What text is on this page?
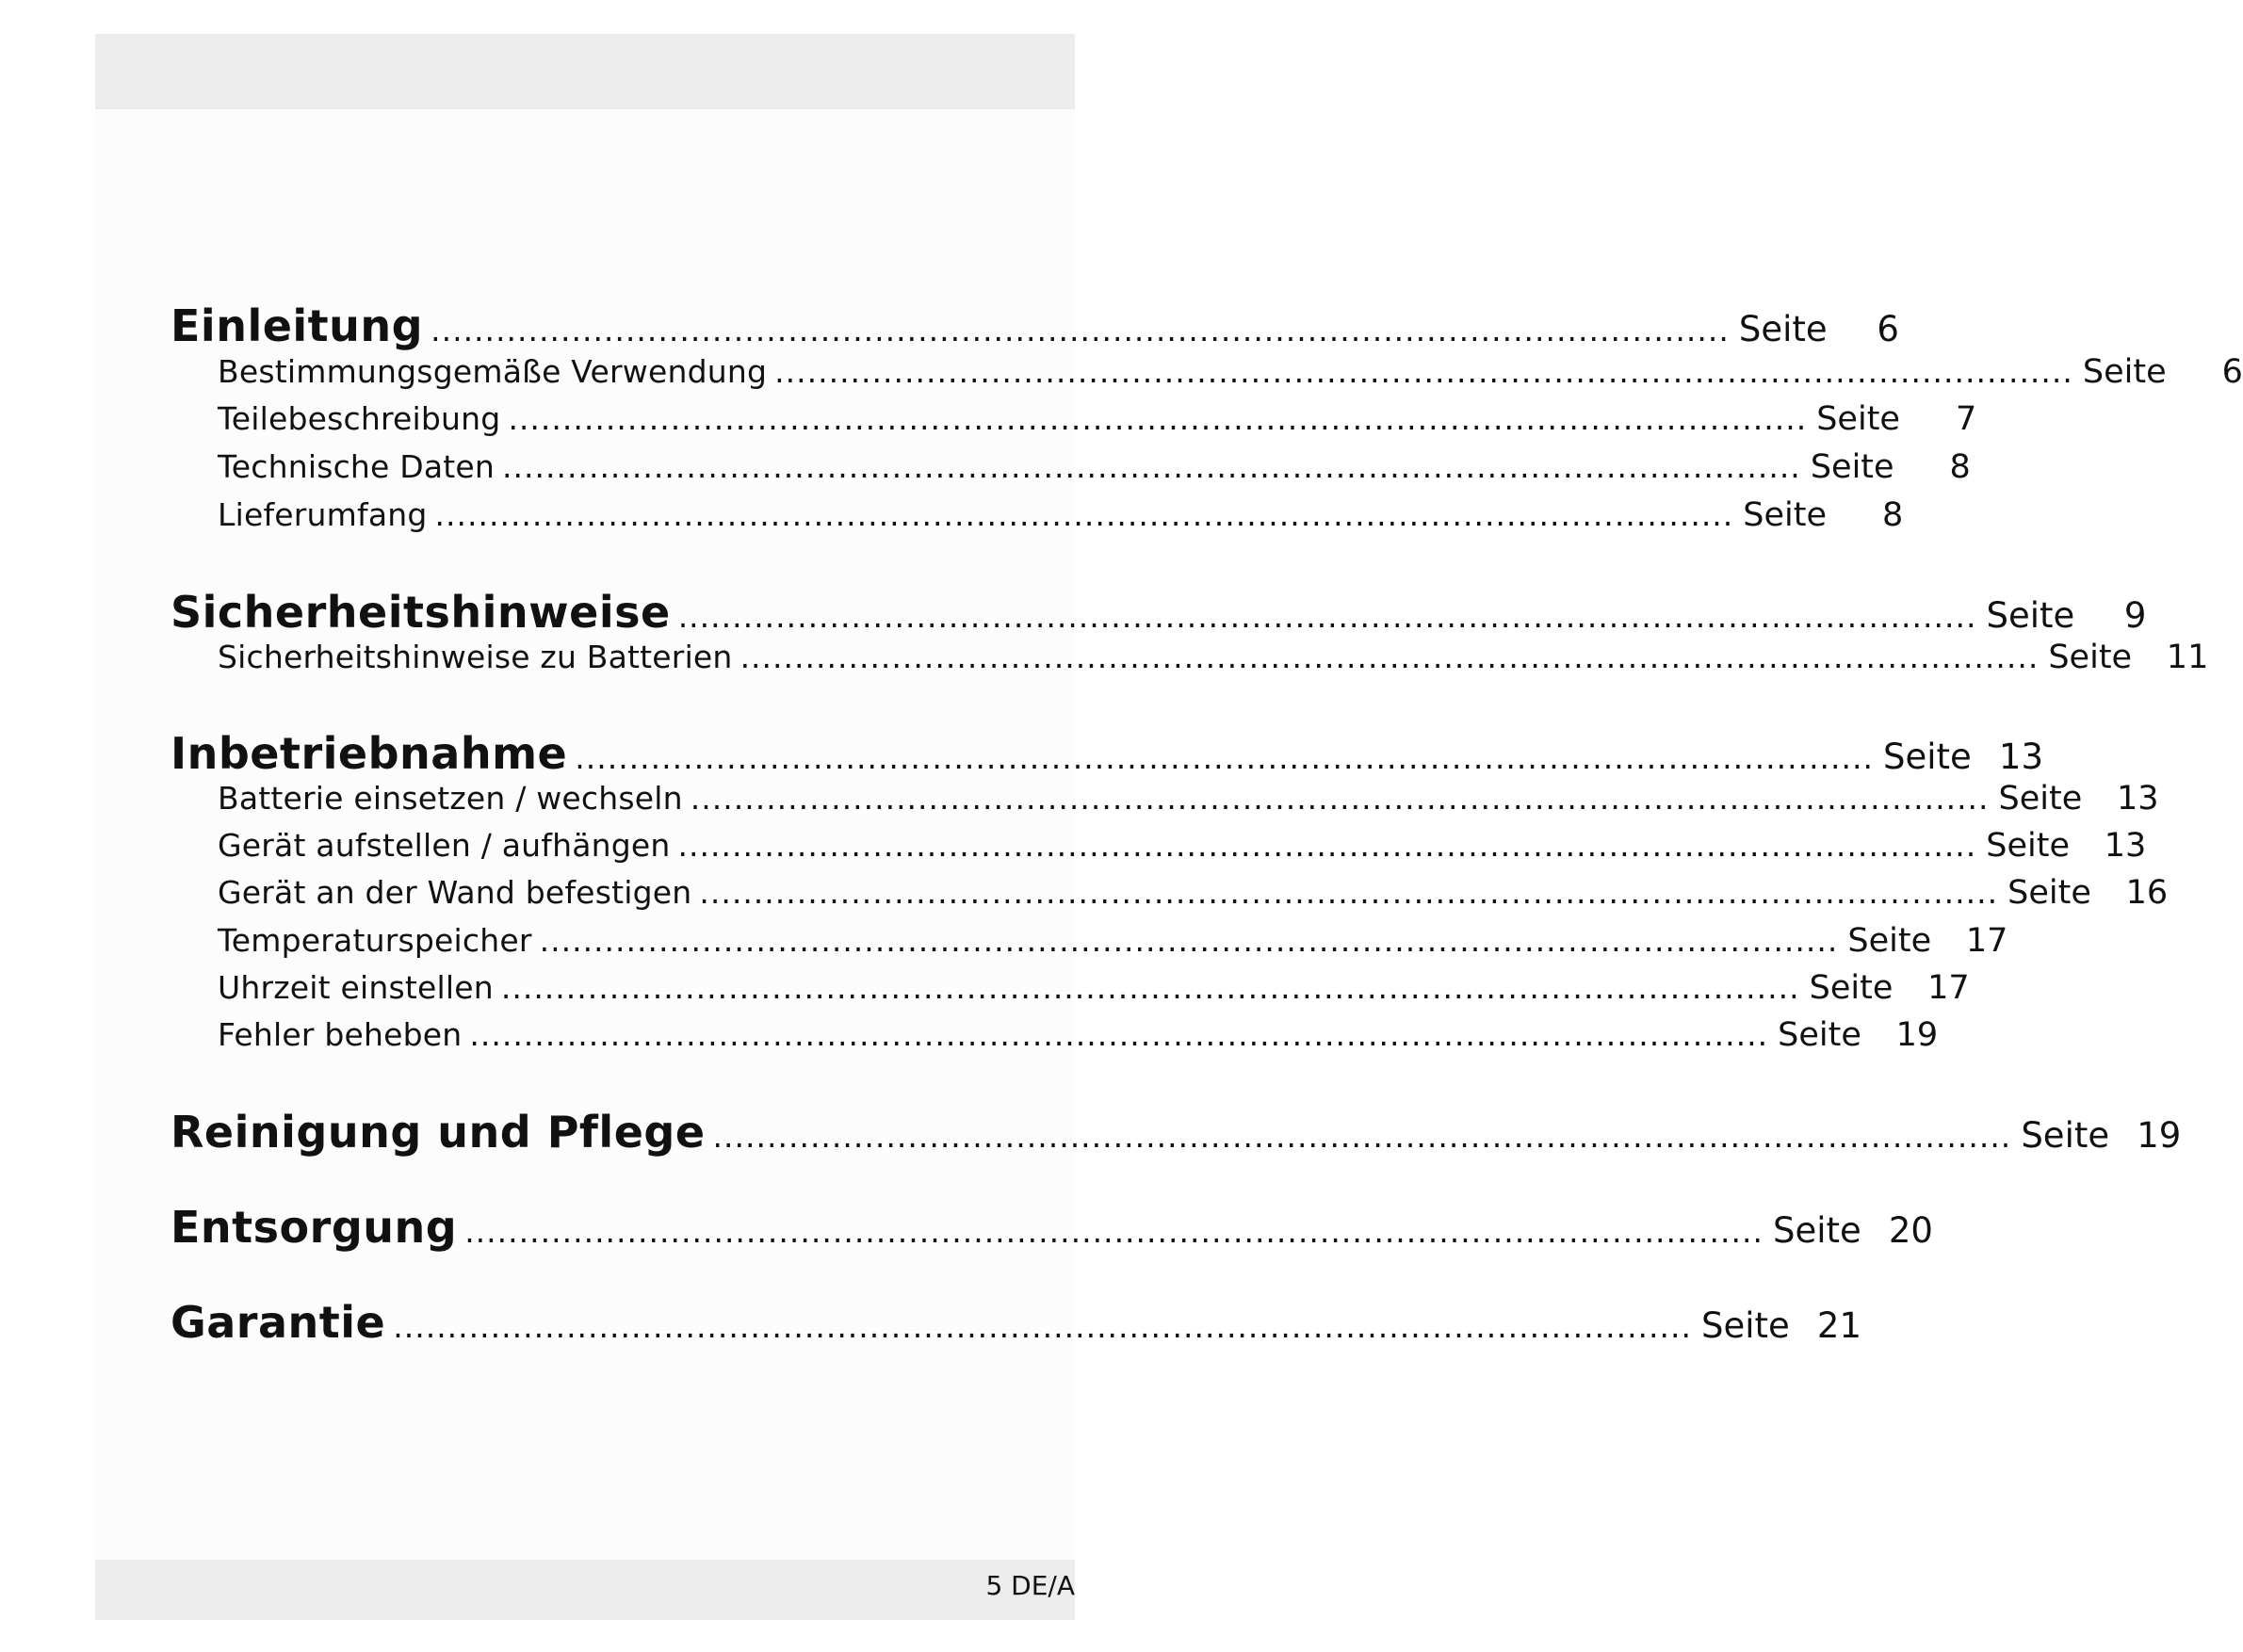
Einleitung ........................................................................................................................ Seite	6
Bestimmungsgemäße Verwendung ........................................................................................................................ Seite	6
Teilebeschreibung ........................................................................................................................ Seite	7
Technische Daten ........................................................................................................................ Seite	8
Lieferumfang ........................................................................................................................ Seite	8
Sicherheitshinweise ........................................................................................................................ Seite	9
Sicherheitshinweise zu Batterien ........................................................................................................................ Seite	11
Inbetriebnahme ........................................................................................................................ Seite 13
Batterie einsetzen / wechseln ........................................................................................................................ Seite	13
Gerät aufstellen / aufhängen ........................................................................................................................ Seite	13
Gerät an der Wand befestigen ........................................................................................................................ Seite	16
Temperaturspeicher ........................................................................................................................ Seite	17
Uhrzeit einstellen ........................................................................................................................ Seite	17
Fehler beheben ........................................................................................................................ Seite	19
Reinigung und Pflege ........................................................................................................................ Seite 19
Entsorgung ........................................................................................................................ Seite 20
Garantie ........................................................................................................................ Seite 21
5 DE/A
